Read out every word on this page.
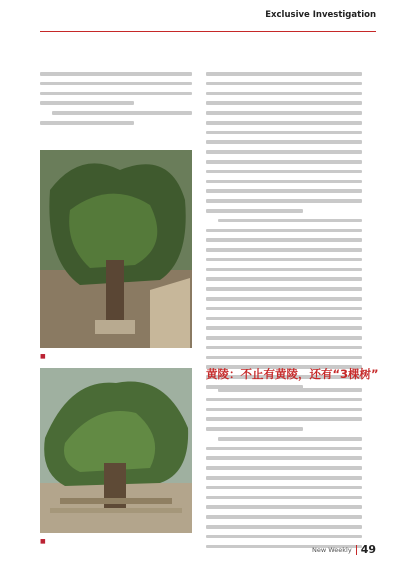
Exclusive Investigation
■
黄陵：不止有黄陵，还有“3棵树”
■
New Weekly 49
